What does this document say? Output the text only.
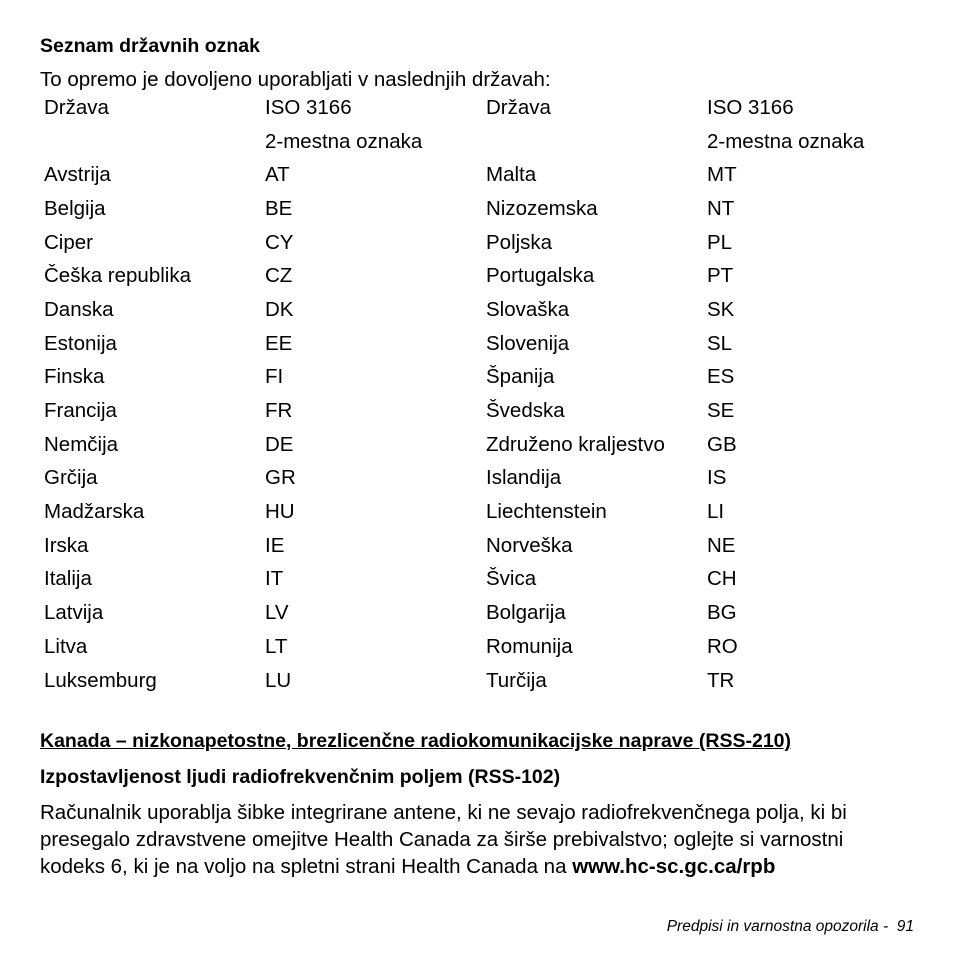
Seznam državnih oznak

To opremo je dovoljeno uporabljati v naslednjih državah:

Država	ISO 3166	Država	ISO 3166
	2-mestna oznaka		2-mestna oznaka
Avstrija	AT	Malta	MT
Belgija	BE	Nizozemska	NT
Ciper	CY	Poljska	PL
Češka republika	CZ	Portugalska	PT
Danska	DK	Slovaška	SK
Estonija	EE	Slovenija	SL
Finska	FI	Španija	ES
Francija	FR	Švedska	SE
Nemčija	DE	Združeno kraljestvo	GB
Grčija	GR	Islandija	IS
Madžarska	HU	Liechtenstein	LI
Irska	IE	Norveška	NE
Italija	IT	Švica	CH
Latvija	LV	Bolgarija	BG
Litva	LT	Romunija	RO
Luksemburg	LU	Turčija	TR
Kanada – nizkonapetostne, brezlicenčne radiokomunikacijske naprave (RSS-210)
Izpostavljenost ljudi radiofrekvenčnim poljem (RSS-102)
Računalnik uporablja šibke integrirane antene, ki ne sevajo radiofrekvenčnega polja, ki bi
presegalo zdravstvene omejitve Health Canada za širše prebivalstvo; oglejte si varnostni
kodeks 6, ki je na voljo na spletni strani Health Canada na www.hc-sc.gc.ca/rpb
Predpisi in varnostna opozorila - 91
